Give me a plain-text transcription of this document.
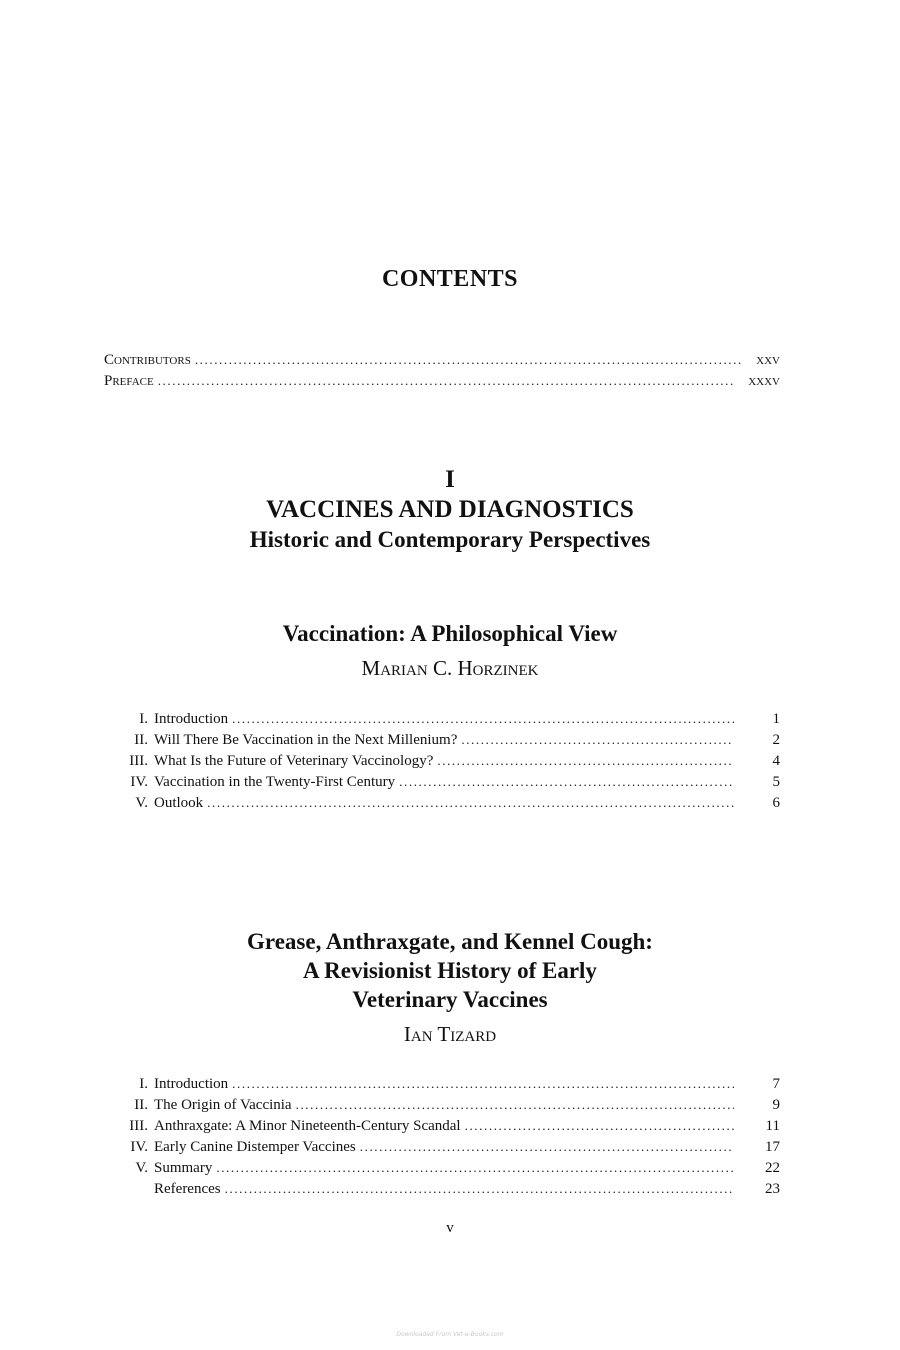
CONTENTS
Contributors .....	xxv
Preface .....	xxxv
I
VACCINES AND DIAGNOSTICS
Historic and Contemporary Perspectives
Vaccination: A Philosophical View
Marian C. Horzinek
I. Introduction .....	1
II. Will There Be Vaccination in the Next Millenium? .....	2
III. What Is the Future of Veterinary Vaccinology? .....	4
IV. Vaccination in the Twenty-First Century .....	5
V. Outlook .....	6
Grease, Anthraxgate, and Kennel Cough:
A Revisionist History of Early
Veterinary Vaccines
Ian Tizard
I. Introduction .....	7
II. The Origin of Vaccinia .....	9
III. Anthraxgate: A Minor Nineteenth-Century Scandal .....	11
IV. Early Canine Distemper Vaccines .....	17
V. Summary .....	22
References .....	23
v
Downloaded From Vet-e-Books.com
